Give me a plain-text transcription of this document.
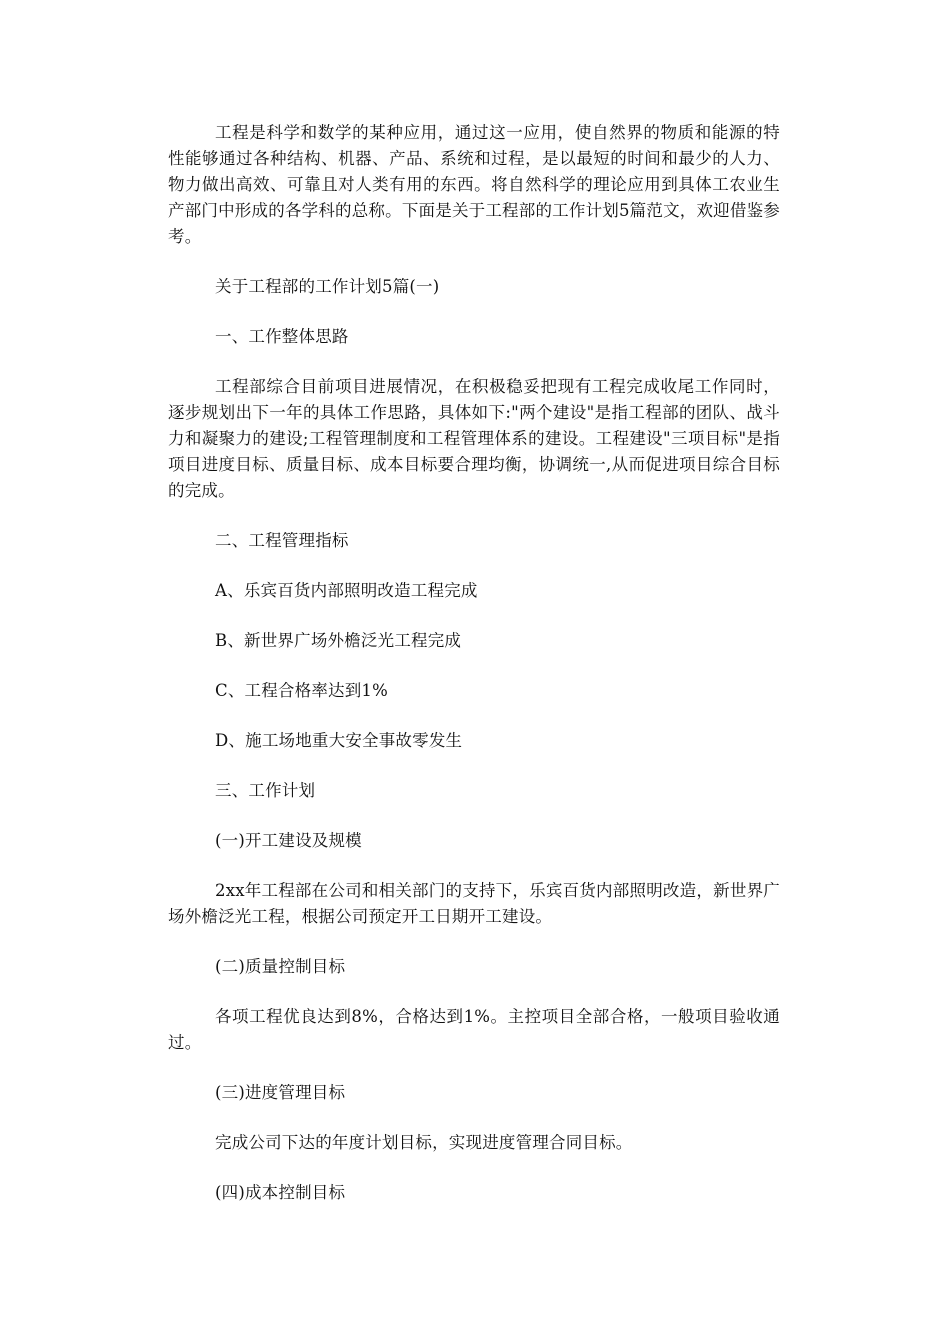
工程是科学和数学的某种应用，通过这一应用，使自然界的物质和能源的特性能够通过各种结构、机器、产品、系统和过程，是以最短的时间和最少的人力、物力做出高效、可靠且对人类有用的东西。将自然科学的理论应用到具体工农业生产部门中形成的各学科的总称。下面是关于工程部的工作计划5篇范文，欢迎借鉴参考。

关于工程部的工作计划5篇(一)

一、工作整体思路

工程部综合目前项目进展情况，在积极稳妥把现有工程完成收尾工作同时，逐步规划出下一年的具体工作思路，具体如下:"两个建设"是指工程部的团队、战斗力和凝聚力的建设;工程管理制度和工程管理体系的建设。工程建设"三项目标"是指项目进度目标、质量目标、成本目标要合理均衡，协调统一,从而促进项目综合目标的完成。

二、工程管理指标

A、乐宾百货内部照明改造工程完成

B、新世界广场外檐泛光工程完成

C、工程合格率达到1%

D、施工场地重大安全事故零发生

三、工作计划

(一)开工建设及规模

2xx年工程部在公司和相关部门的支持下，乐宾百货内部照明改造，新世界广场外檐泛光工程，根据公司预定开工日期开工建设。

(二)质量控制目标

各项工程优良达到8%，合格达到1%。主控项目全部合格，一般项目验收通过。

(三)进度管理目标

完成公司下达的年度计划目标，实现进度管理合同目标。

(四)成本控制目标
